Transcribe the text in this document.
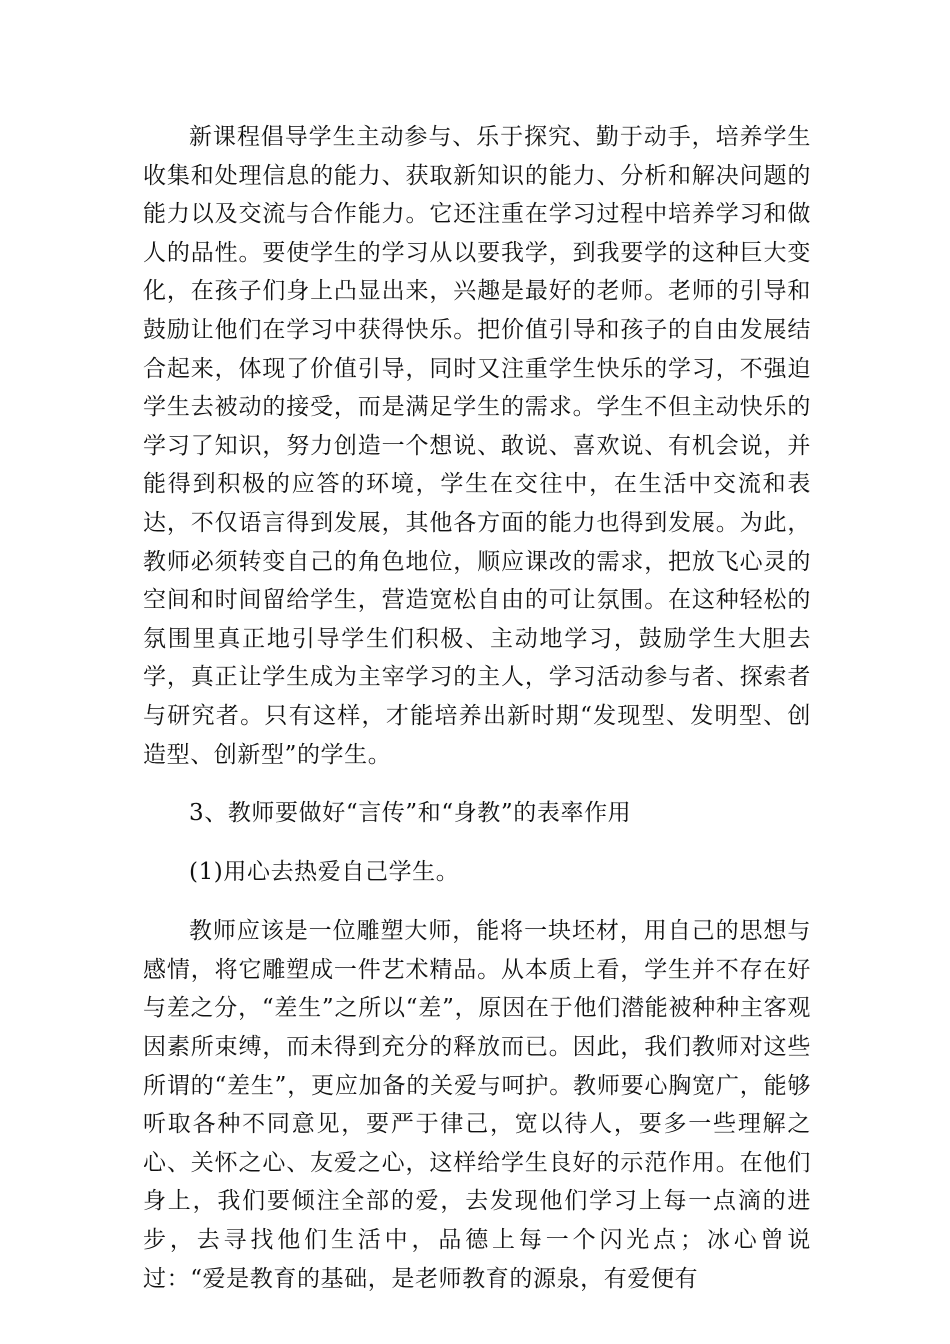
新课程倡导学生主动参与、乐于探究、勤于动手，培养学生收集和处理信息的能力、获取新知识的能力、分析和解决问题的能力以及交流与合作能力。它还注重在学习过程中培养学习和做人的品性。要使学生的学习从以要我学，到我要学的这种巨大变化，在孩子们身上凸显出来，兴趣是最好的老师。老师的引导和鼓励让他们在学习中获得快乐。把价值引导和孩子的自由发展结合起来，体现了价值引导，同时又注重学生快乐的学习，不强迫学生去被动的接受，而是满足学生的需求。学生不但主动快乐的学习了知识，努力创造一个想说、敢说、喜欢说、有机会说，并能得到积极的应答的环境，学生在交往中，在生活中交流和表达，不仅语言得到发展，其他各方面的能力也得到发展。为此，教师必须转变自己的角色地位，顺应课改的需求，把放飞心灵的空间和时间留给学生，营造宽松自由的可让氛围。在这种轻松的氛围里真正地引导学生们积极、主动地学习，鼓励学生大胆去学，真正让学生成为主宰学习的主人，学习活动参与者、探索者与研究者。只有这样，才能培养出新时期“发现型、发明型、创造型、创新型”的学生。

3、教师要做好“言传”和“身教”的表率作用

(1)用心去热爱自己学生。

教师应该是一位雕塑大师，能将一块坯材，用自己的思想与感情，将它雕塑成一件艺术精品。从本质上看，学生并不存在好与差之分，“差生”之所以“差”，原因在于他们潜能被种种主客观因素所束缚，而未得到充分的释放而已。因此，我们教师对这些所谓的“差生”，更应加备的关爱与呵护。教师要心胸宽广，能够听取各种不同意见，要严于律己，宽以待人，要多一些理解之心、关怀之心、友爱之心，这样给学生良好的示范作用。在他们身上，我们要倾注全部的爱，去发现他们学习上每一点滴的进步，去寻找他们生活中，品德上每一个闪光点；冰心曾说过：“爱是教育的基础，是老师教育的源泉，有爱便有
